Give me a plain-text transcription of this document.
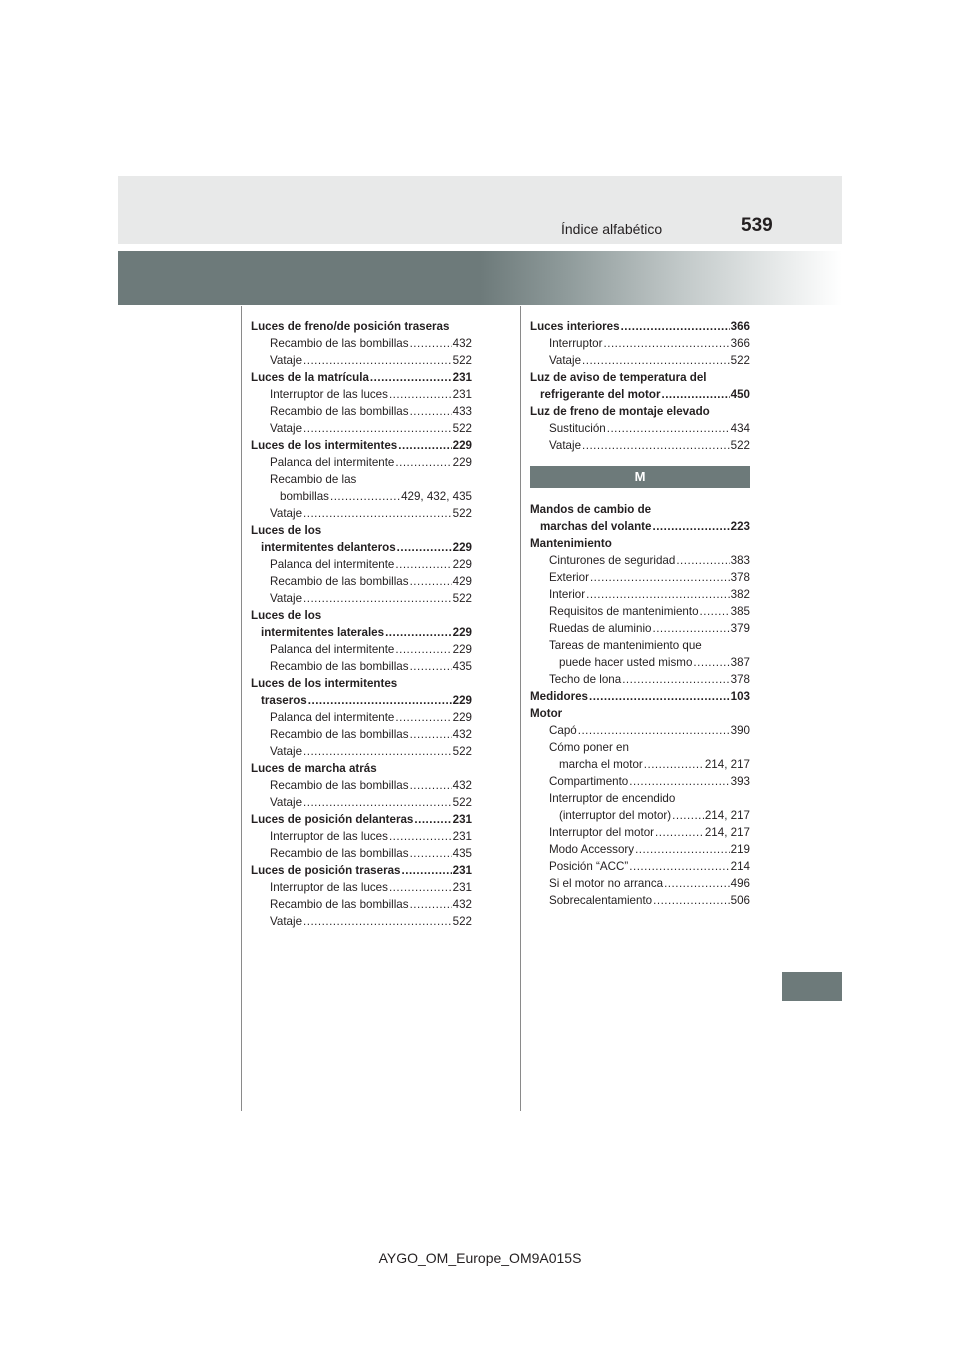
Índice alfabético	539
Luces de freno/de posición traseras
Recambio de las bombillas .....	432
Vataje .....	522
Luces de la matrícula .....	231
Interruptor de las luces .....	231
Recambio de las bombillas .....	433
Vataje .....	522
Luces de los intermitentes .....	229
Palanca del intermitente .....	229
Recambio de las
bombillas .....	429, 432, 435
Vataje .....	522
Luces de los
intermitentes delanteros .....	229
Palanca del intermitente .....	229
Recambio de las bombillas .....	429
Vataje .....	522
Luces de los
intermitentes laterales .....	229
Palanca del intermitente .....	229
Recambio de las bombillas .....	435
Luces de los intermitentes
traseros .....	229
Palanca del intermitente .....	229
Recambio de las bombillas .....	432
Vataje .....	522
Luces de marcha atrás
Recambio de las bombillas .....	432
Vataje .....	522
Luces de posición delanteras .....	231
Interruptor de las luces .....	231
Recambio de las bombillas .....	435
Luces de posición traseras .....	231
Interruptor de las luces .....	231
Recambio de las bombillas .....	432
Vataje .....	522
Luces interiores .....	366
Interruptor .....	366
Vataje .....	522
Luz de aviso de temperatura del
refrigerante del motor .....	450
Luz de freno de montaje elevado
Sustitución .....	434
Vataje .....	522
M
Mandos de cambio de
marchas del volante .....	223
Mantenimiento
Cinturones de seguridad .....	383
Exterior .....	378
Interior .....	382
Requisitos de mantenimiento .....	385
Ruedas de aluminio .....	379
Tareas de mantenimiento que
puede hacer usted mismo .....	387
Techo de lona .....	378
Medidores .....	103
Motor
Capó .....	390
Cómo poner en
marcha el motor .....	214, 217
Compartimento .....	393
Interruptor de encendido
(interruptor del motor) .....	214, 217
Interruptor del motor .....	214, 217
Modo Accessory .....	219
Posición “ACC” .....	214
Si el motor no arranca .....	496
Sobrecalentamiento .....	506
AYGO_OM_Europe_OM9A015S
